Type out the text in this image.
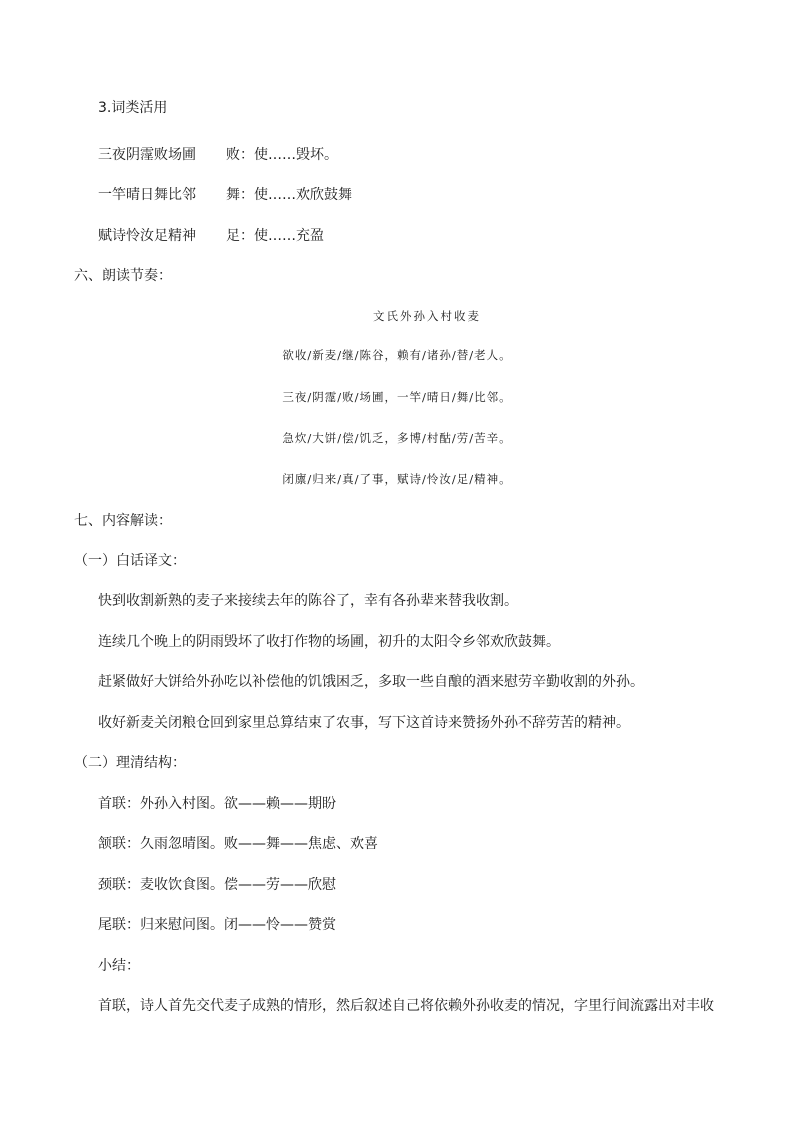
3.词类活用
三夜阴霪败场圃 败：使……毁坏。
一竿晴日舞比邻 舞：使……欢欣鼓舞
赋诗怜汝足精神 足：使……充盈
六、朗读节奏：
文氏外孙入村收麦
欲收/新麦/继/陈谷，赖有/诸孙/替/老人。
三夜/阴霪/败/场圃，一竿/晴日/舞/比邻。
急炊/大饼/偿/饥乏，多博/村酤/劳/苦辛。
闭廪/归来/真/了事，赋诗/怜汝/足/精神。
七、内容解读：
（一）白话译文：
快到收割新熟的麦子来接续去年的陈谷了，幸有各孙辈来替我收割。
连续几个晚上的阴雨毁坏了收打作物的场圃，初升的太阳令乡邻欢欣鼓舞。
赶紧做好大饼给外孙吃以补偿他的饥饿困乏，多取一些自酿的酒来慰劳辛勤收割的外孙。
收好新麦关闭粮仓回到家里总算结束了农事，写下这首诗来赞扬外孙不辞劳苦的精神。
（二）理清结构：
首联：外孙入村图。欲——赖——期盼
颔联：久雨忽晴图。败——舞——焦虑、欢喜
颈联：麦收饮食图。偿——劳——欣慰
尾联：归来慰问图。闭——怜——赞赏
小结：
首联，诗人首先交代麦子成熟的情形，然后叙述自己将依赖外孙收麦的情况，字里行间流露出对丰收
